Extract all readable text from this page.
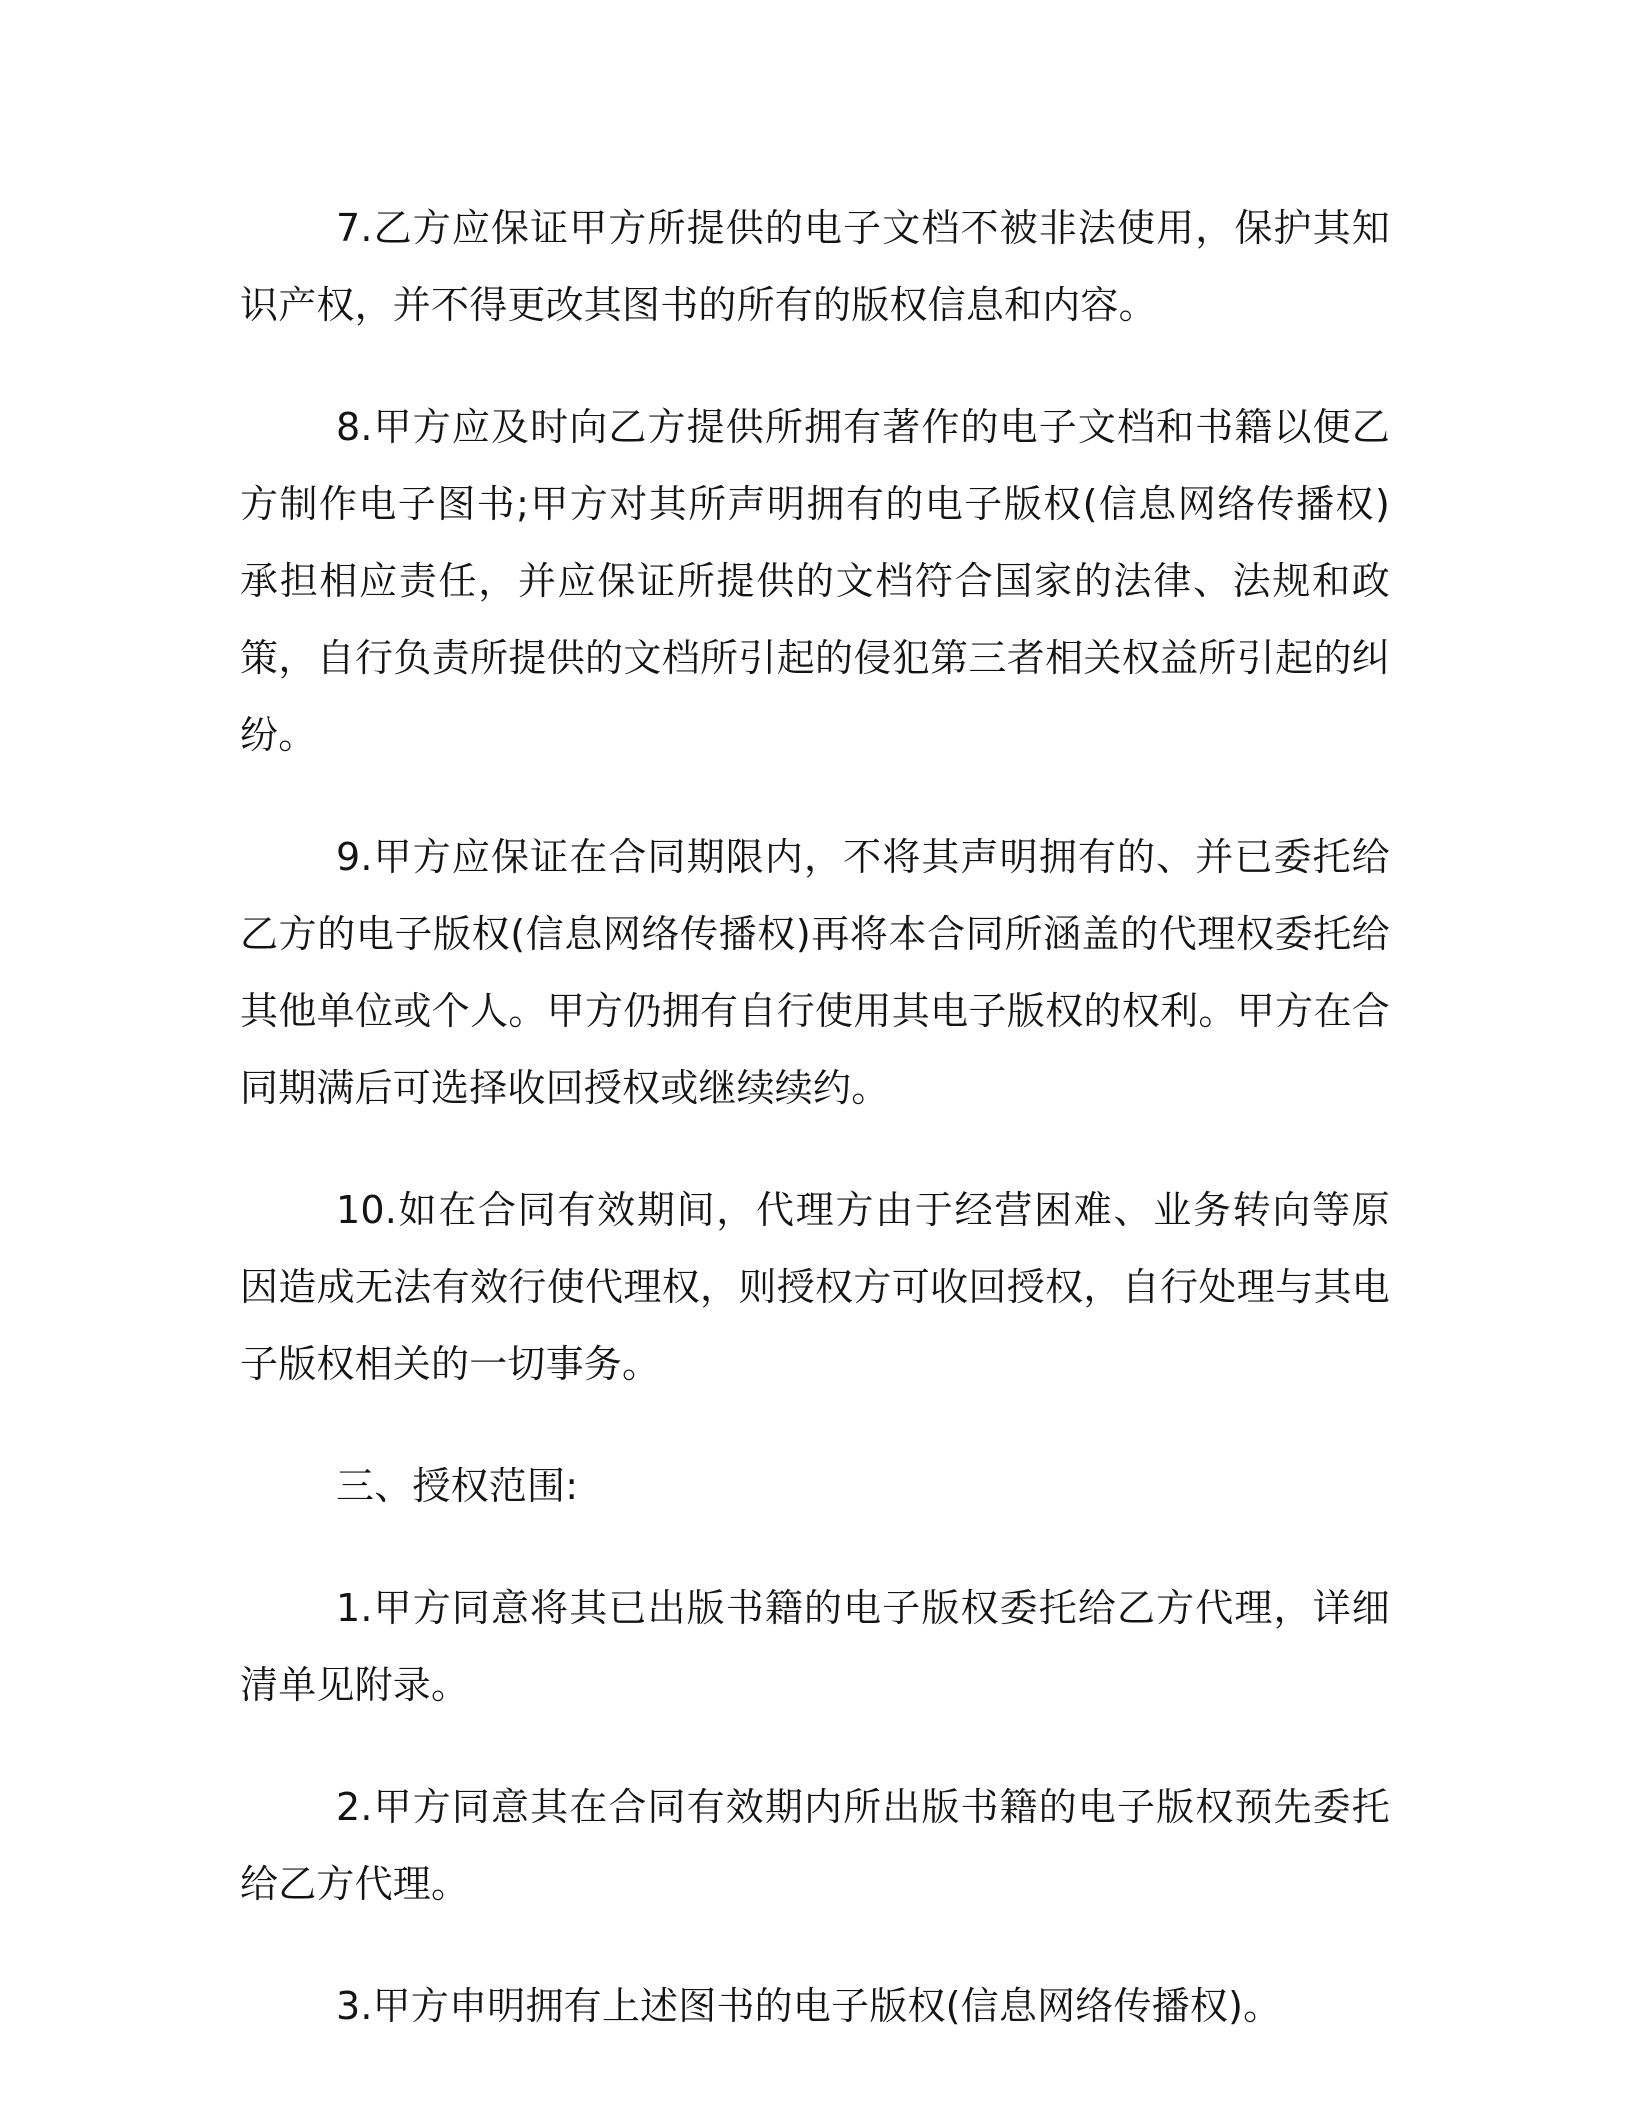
7.乙方应保证甲方所提供的电子文档不被非法使用，保护其知识产权，并不得更改其图书的所有的版权信息和内容。

8.甲方应及时向乙方提供所拥有著作的电子文档和书籍以便乙方制作电子图书;甲方对其所声明拥有的电子版权(信息网络传播权)承担相应责任，并应保证所提供的文档符合国家的法律、法规和政策，自行负责所提供的文档所引起的侵犯第三者相关权益所引起的纠纷。

9.甲方应保证在合同期限内，不将其声明拥有的、并已委托给乙方的电子版权(信息网络传播权)再将本合同所涵盖的代理权委托给其他单位或个人。甲方仍拥有自行使用其电子版权的权利。甲方在合同期满后可选择收回授权或继续续约。

10.如在合同有效期间，代理方由于经营困难、业务转向等原因造成无法有效行使代理权，则授权方可收回授权，自行处理与其电子版权相关的一切事务。

三、授权范围:

1.甲方同意将其已出版书籍的电子版权委托给乙方代理，详细清单见附录。

2.甲方同意其在合同有效期内所出版书籍的电子版权预先委托给乙方代理。

3.甲方申明拥有上述图书的电子版权(信息网络传播权)。
